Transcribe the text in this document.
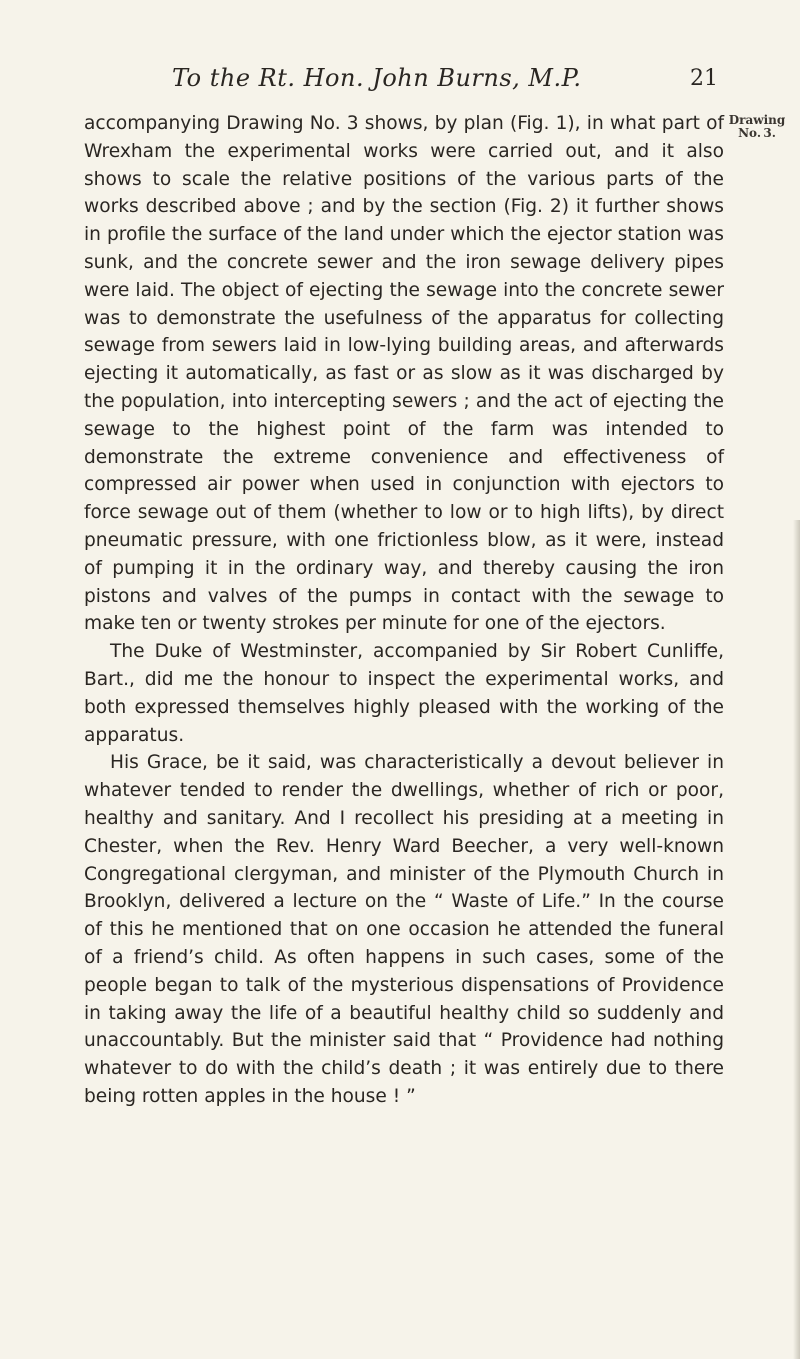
To the Rt. Hon. John Burns, M.P.	21

accompanying Drawing No. 3 shows, by plan (Fig. 1), in what part of Wrexham the experimental works were carried out, and it also shows to scale the relative positions of the various parts of the works described above ; and by the section (Fig. 2) it further shows in profile the surface of the land under which the ejector station was sunk, and the concrete sewer and the iron sewage delivery pipes were laid. The object of ejecting the sewage into the concrete sewer was to demonstrate the usefulness of the apparatus for collecting sewage from sewers laid in low-lying building areas, and afterwards ejecting it automatically, as fast or as slow as it was discharged by the population, into intercepting sewers ; and the act of ejecting the sewage to the highest point of the farm was intended to demonstrate the extreme convenience and effectiveness of compressed air power when used in conjunction with ejectors to force sewage out of them (whether to low or to high lifts), by direct pneumatic pressure, with one frictionless blow, as it were, instead of pumping it in the ordinary way, and thereby causing the iron pistons and valves of the pumps in contact with the sewage to make ten or twenty strokes per minute for one of the ejectors.

The Duke of Westminster, accompanied by Sir Robert Cunliffe, Bart., did me the honour to inspect the experimental works, and both expressed themselves highly pleased with the working of the apparatus.

His Grace, be it said, was characteristically a devout believer in whatever tended to render the dwellings, whether of rich or poor, healthy and sanitary. And I recollect his presiding at a meeting in Chester, when the Rev. Henry Ward Beecher, a very well-known Congregational clergyman, and minister of the Plymouth Church in Brooklyn, delivered a lecture on the “ Waste of Life.” In the course of this he mentioned that on one occasion he attended the funeral of a friend’s child. As often happens in such cases, some of the people began to talk of the mysterious dispensations of Providence in taking away the life of a beautiful healthy child so suddenly and unaccountably. But the minister said that “ Providence had nothing whatever to do with the child’s death ; it was entirely due to there being rotten apples in the house ! ”

Drawing
No. 3.
